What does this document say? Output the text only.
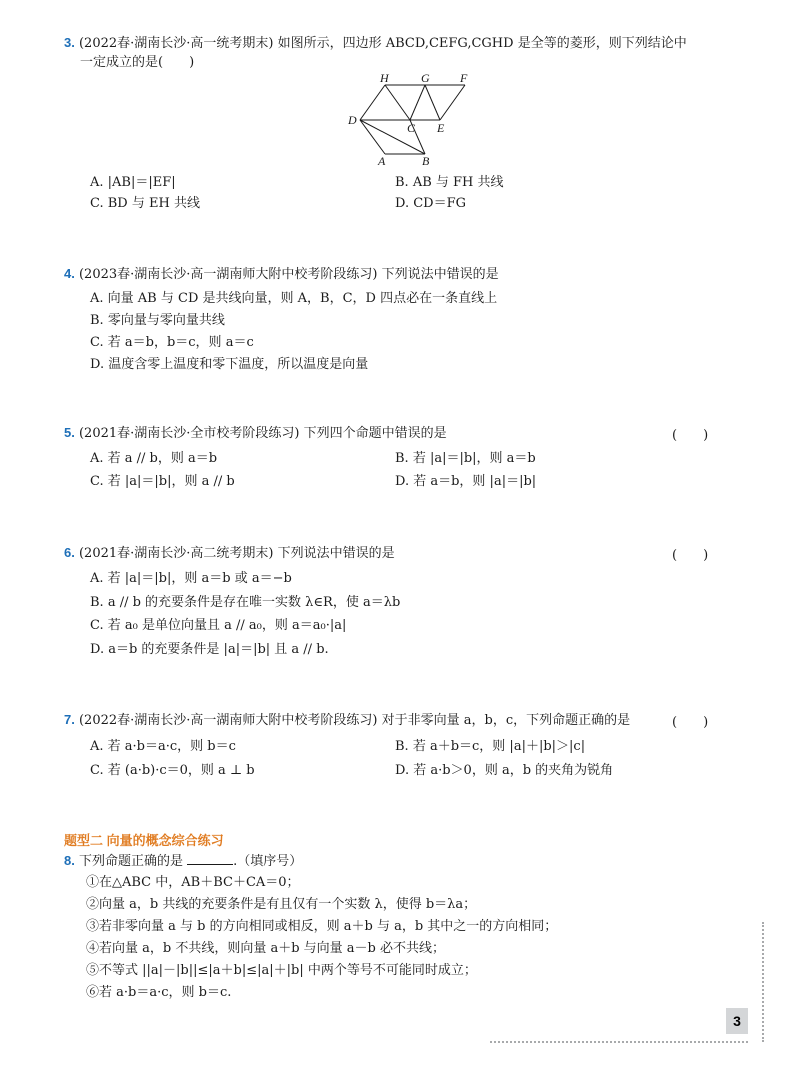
3. (2022春·湖南长沙·高一统考期末) 如图所示，四边形 ABCD,CEFG,CGHD 是全等的菱形，则下列结论中
一定成立的是(　　)
H	G	F
D
C E
A	B
A. |AB|＝|EF|	B. AB 与 FH 共线
C. BD 与 EH 共线	D. CD＝FG
4. (2023春·湖南长沙·高一湖南师大附中校考阶段练习) 下列说法中错误的是
A. 向量 AB 与 CD 是共线向量，则 A，B，C，D 四点必在一条直线上
B. 零向量与零向量共线
C. 若 a＝b，b＝c，则 a＝c
D. 温度含零上温度和零下温度，所以温度是向量
5. (2021春·湖南长沙·全市校考阶段练习) 下列四个命题中错误的是	(　　)
A. 若 a // b，则 a＝b	B. 若 |a|＝|b|，则 a＝b
C. 若 |a|＝|b|，则 a // b	D. 若 a＝b，则 |a|＝|b|
6. (2021春·湖南长沙·高二统考期末) 下列说法中错误的是	(　　)
A. 若 |a|＝|b|，则 a＝b 或 a＝−b
B. a // b 的充要条件是存在唯一实数 λ∈R，使 a＝λb
C. 若 a₀ 是单位向量且 a // a₀，则 a＝a₀·|a|
D. a＝b 的充要条件是 |a|＝|b| 且 a // b.
7. (2022春·湖南长沙·高一湖南师大附中校考阶段练习) 对于非零向量 a，b，c，下列命题正确的是	(　　)
A. 若 a·b＝a·c，则 b＝c	B. 若 a＋b＝c，则 |a|＋|b|＞|c|
C. 若 (a·b)·c＝0，则 a ⊥ b	D. 若 a·b＞0，则 a，b 的夹角为锐角
题型二 向量的概念综合练习
8. 下列命题正确的是	.（填序号）
①在△ABC 中，AB＋BC＋CA＝0；
②向量 a，b 共线的充要条件是有且仅有一个实数 λ，使得 b＝λa；
③若非零向量 a 与 b 的方向相同或相反，则 a＋b 与 a，b 其中之一的方向相同；
④若向量 a，b 不共线，则向量 a＋b 与向量 a－b 必不共线；
⑤不等式 ||a|－|b||≤|a＋b|≤|a|＋|b| 中两个等号不可能同时成立；
⑥若 a·b＝a·c，则 b＝c.
3
